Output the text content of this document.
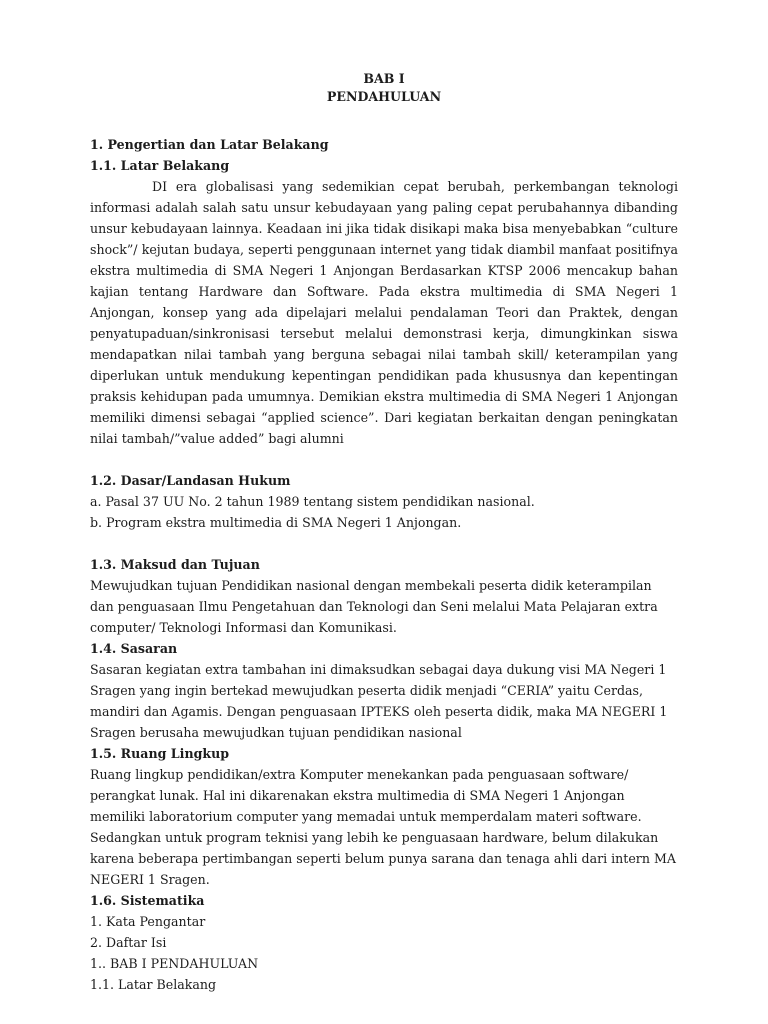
BAB I
PENDAHULUAN

1. Pengertian dan Latar Belakang

1.1. Latar Belakang

DI era globalisasi yang sedemikian cepat berubah, perkembangan teknologi informasi adalah salah satu unsur kebudayaan yang paling cepat perubahannya dibanding unsur kebudayaan lainnya. Keadaan ini jika tidak disikapi maka bisa menyebabkan “culture shock”/ kejutan budaya, seperti penggunaan internet yang tidak diambil manfaat positifnya ekstra multimedia di SMA Negeri 1 Anjongan Berdasarkan KTSP 2006 mencakup bahan kajian tentang Hardware dan Software. Pada ekstra multimedia di SMA Negeri 1 Anjongan, konsep yang ada dipelajari melalui pendalaman Teori dan Praktek, dengan penyatupaduan/sinkronisasi tersebut melalui demonstrasi kerja, dimungkinkan siswa mendapatkan nilai tambah yang berguna sebagai nilai tambah skill/ keterampilan yang diperlukan untuk mendukung kepentingan pendidikan pada khususnya dan kepentingan praksis kehidupan pada umumnya. Demikian ekstra multimedia di SMA Negeri 1 Anjongan memiliki dimensi sebagai “applied science”. Dari kegiatan berkaitan dengan peningkatan nilai tambah/”value added” bagi alumni

1.2. Dasar/Landasan Hukum

a. Pasal 37 UU No. 2 tahun 1989 tentang sistem pendidikan nasional.

b. Program ekstra multimedia di SMA Negeri 1 Anjongan.

1.3. Maksud dan Tujuan

Mewujudkan tujuan Pendidikan nasional dengan membekali peserta didik keterampilan dan penguasaan Ilmu Pengetahuan dan Teknologi dan Seni melalui Mata Pelajaran extra computer/ Teknologi Informasi dan Komunikasi.

1.4. Sasaran

Sasaran kegiatan extra tambahan ini dimaksudkan sebagai daya dukung visi MA Negeri 1 Sragen yang ingin bertekad mewujudkan peserta didik menjadi “CERIA” yaitu Cerdas, mandiri dan Agamis. Dengan penguasaan IPTEKS oleh peserta didik, maka MA NEGERI 1 Sragen berusaha mewujudkan tujuan pendidikan nasional

1.5. Ruang Lingkup

Ruang lingkup pendidikan/extra Komputer menekankan pada penguasaan software/ perangkat lunak. Hal ini dikarenakan ekstra multimedia di SMA Negeri 1 Anjongan memiliki laboratorium computer yang memadai untuk memperdalam materi software. Sedangkan untuk program teknisi yang lebih ke penguasaan hardware, belum dilakukan karena beberapa pertimbangan seperti belum punya sarana dan tenaga ahli dari intern MA NEGERI 1 Sragen.

1.6. Sistematika

1. Kata Pengantar

2. Daftar Isi

1.. BAB I PENDAHULUAN

1.1. Latar Belakang
